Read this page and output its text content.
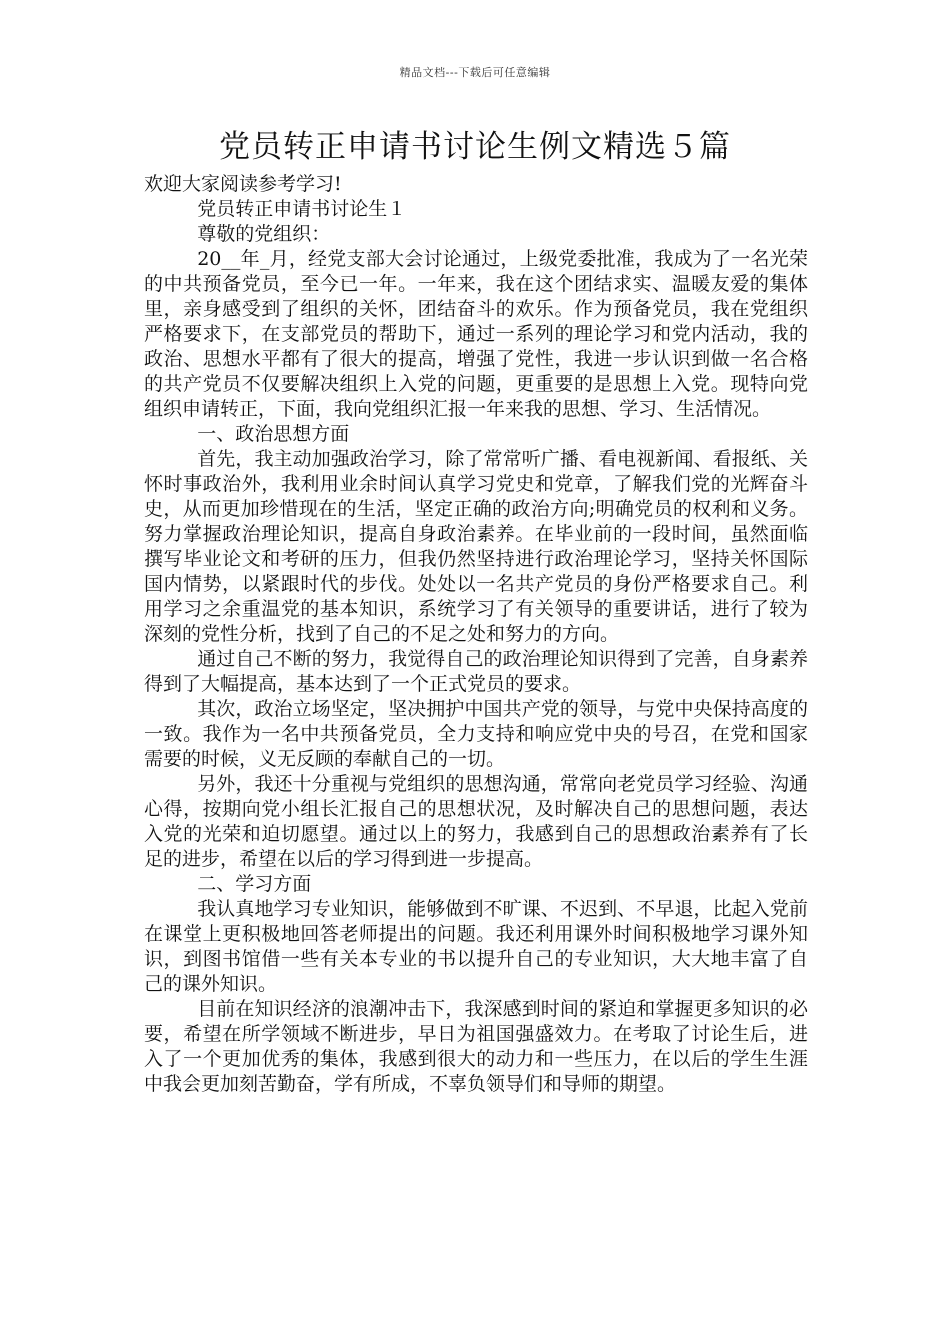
精品文档---下载后可任意编辑
党员转正申请书讨论生例文精选５篇

欢迎大家阅读参考学习!

党员转正申请书讨论生１

尊敬的党组织：

20__年_月，经党支部大会讨论通过，上级党委批准，我成为了一名光荣的中共预备党员，至今已一年。一年来，我在这个团结求实、温暖友爱的集体里，亲身感受到了组织的关怀，团结奋斗的欢乐。作为预备党员，我在党组织严格要求下，在支部党员的帮助下，通过一系列的理论学习和党内活动，我的政治、思想水平都有了很大的提高，增强了党性，我进一步认识到做一名合格的共产党员不仅要解决组织上入党的问题，更重要的是思想上入党。现特向党组织申请转正，下面，我向党组织汇报一年来我的思想、学习、生活情况。

一、政治思想方面

首先，我主动加强政治学习，除了常常听广播、看电视新闻、看报纸、关怀时事政治外，我利用业余时间认真学习党史和党章，了解我们党的光辉奋斗史，从而更加珍惜现在的生活，坚定正确的政治方向;明确党员的权利和义务。努力掌握政治理论知识，提高自身政治素养。在毕业前的一段时间，虽然面临撰写毕业论文和考研的压力，但我仍然坚持进行政治理论学习，坚持关怀国际国内情势，以紧跟时代的步伐。处处以一名共产党员的身份严格要求自己。利用学习之余重温党的基本知识，系统学习了有关领导的重要讲话，进行了较为深刻的党性分析，找到了自己的不足之处和努力的方向。

通过自己不断的努力，我觉得自己的政治理论知识得到了完善，自身素养得到了大幅提高，基本达到了一个正式党员的要求。

其次，政治立场坚定，坚决拥护中国共产党的领导，与党中央保持高度的一致。我作为一名中共预备党员，全力支持和响应党中央的号召，在党和国家需要的时候，义无反顾的奉献自己的一切。

另外，我还十分重视与党组织的思想沟通，常常向老党员学习经验、沟通心得，按期向党小组长汇报自己的思想状况，及时解决自己的思想问题，表达入党的光荣和迫切愿望。通过以上的努力，我感到自己的思想政治素养有了长足的进步，希望在以后的学习得到进一步提高。

二、学习方面

我认真地学习专业知识，能够做到不旷课、不迟到、不早退，比起入党前在课堂上更积极地回答老师提出的问题。我还利用课外时间积极地学习课外知识，到图书馆借一些有关本专业的书以提升自己的专业知识，大大地丰富了自己的课外知识。

目前在知识经济的浪潮冲击下，我深感到时间的紧迫和掌握更多知识的必要，希望在所学领域不断进步，早日为祖国强盛效力。在考取了讨论生后，进入了一个更加优秀的集体，我感到很大的动力和一些压力，在以后的学生生涯中我会更加刻苦勤奋，学有所成，不辜负领导们和导师的期望。
